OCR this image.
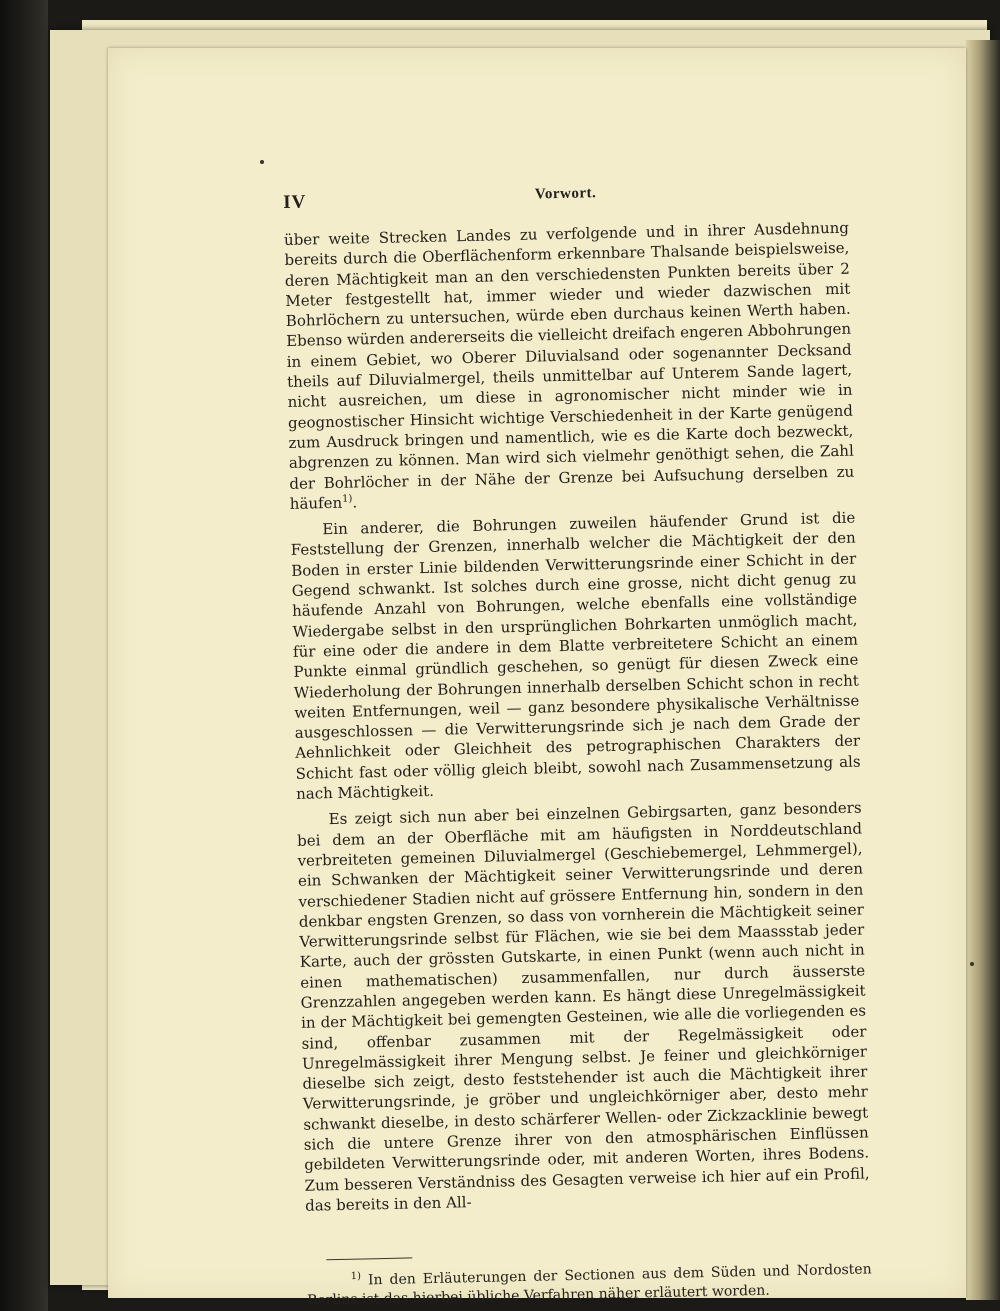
IV	Vorwort.

über weite Strecken Landes zu verfolgende und in ihrer Ausdehnung bereits durch die Oberflächenform erkennbare Thalsande beispielsweise, deren Mächtigkeit man an den verschiedensten Punkten bereits über 2 Meter festgestellt hat, immer wieder und wieder dazwischen mit Bohrlöchern zu untersuchen, würde eben durchaus keinen Werth haben. Ebenso würden andererseits die vielleicht dreifach engeren Abbohrungen in einem Gebiet, wo Oberer Diluvialsand oder sogenannter Decksand theils auf Diluvialmergel, theils unmittelbar auf Unterem Sande lagert, nicht ausreichen, um diese in agronomischer nicht minder wie in geognostischer Hinsicht wichtige Verschiedenheit in der Karte genügend zum Ausdruck bringen und namentlich, wie es die Karte doch bezweckt, abgrenzen zu können. Man wird sich vielmehr genöthigt sehen, die Zahl der Bohrlöcher in der Nähe der Grenze bei Aufsuchung derselben zu häufen$^{1)}$.

Ein anderer, die Bohrungen zuweilen häufender Grund ist die Feststellung der Grenzen, innerhalb welcher die Mächtigkeit der den Boden in erster Linie bildenden Verwitterungsrinde einer Schicht in der Gegend schwankt. Ist solches durch eine grosse, nicht dicht genug zu häufende Anzahl von Bohrungen, welche ebenfalls eine vollständige Wiedergabe selbst in den ursprünglichen Bohrkarten unmöglich macht, für eine oder die andere in dem Blatte verbreitetere Schicht an einem Punkte einmal gründlich geschehen, so genügt für diesen Zweck eine Wiederholung der Bohrungen innerhalb derselben Schicht schon in recht weiten Entfernungen, weil — ganz besondere physikalische Verhältnisse ausgeschlossen — die Verwitterungsrinde sich je nach dem Grade der Aehnlichkeit oder Gleichheit des petrographischen Charakters der Schicht fast oder völlig gleich bleibt, sowohl nach Zusammensetzung als nach Mächtigkeit.

Es zeigt sich nun aber bei einzelnen Gebirgsarten, ganz besonders bei dem an der Oberfläche mit am häufigsten in Norddeutschland verbreiteten gemeinen Diluvialmergel (Geschiebemergel, Lehmmergel), ein Schwanken der Mächtigkeit seiner Verwitterungsrinde und deren verschiedener Stadien nicht auf grössere Entfernung hin, sondern in den denkbar engsten Grenzen, so dass von vornherein die Mächtigkeit seiner Verwitterungsrinde selbst für Flächen, wie sie bei dem Maassstab jeder Karte, auch der grössten Gutskarte, in einen Punkt (wenn auch nicht in einen mathematischen) zusammenfallen, nur durch äusserste Grenzzahlen angegeben werden kann. Es hängt diese Unregelmässigkeit in der Mächtigkeit bei gemengten Gesteinen, wie alle die vorliegenden es sind, offenbar zusammen mit der Regelmässigkeit oder Unregelmässigkeit ihrer Mengung selbst. Je feiner und gleichkörniger dieselbe sich zeigt, desto feststehender ist auch die Mächtigkeit ihrer Verwitterungsrinde, je gröber und ungleichkörniger aber, desto mehr schwankt dieselbe, in desto schärferer Wellen- oder Zickzacklinie bewegt sich die untere Grenze ihrer von den atmosphärischen Einflüssen gebildeten Verwitterungsrinde oder, mit anderen Worten, ihres Bodens. Zum besseren Verständniss des Gesagten verweise ich hier auf ein Profil, das bereits in den All-

$^{1)}$ In den Erläuterungen der Sectionen aus dem Süden und Nordosten Berlins ist das hierbei übliche Verfahren näher erläutert worden.
